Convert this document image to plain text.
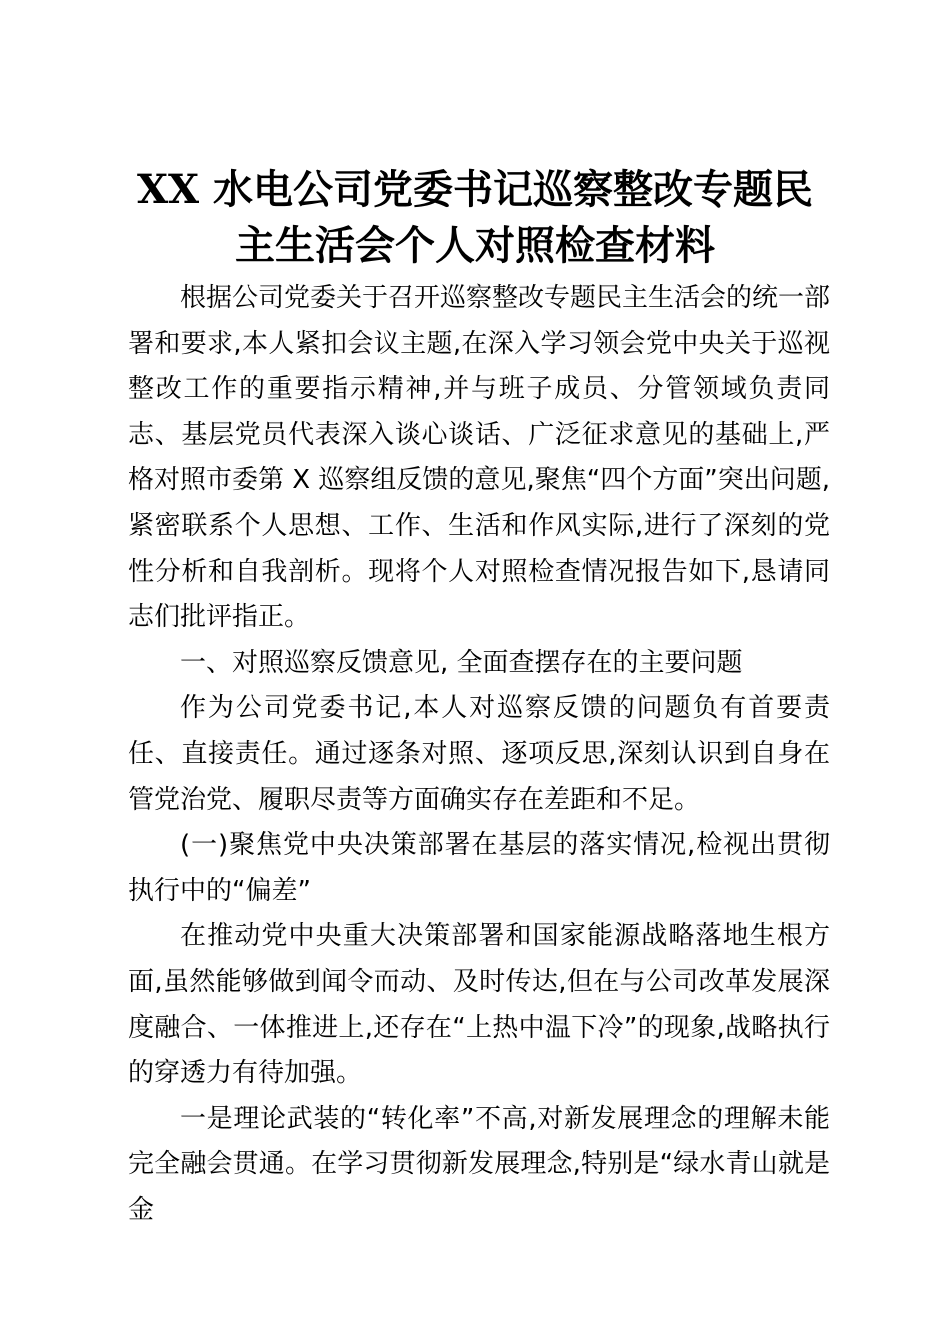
XX 水电公司党委书记巡察整改专题民
主生活会个人对照检查材料

根据公司党委关于召开巡察整改专题民主生活会的统一部署和要求,本人紧扣会议主题,在深入学习领会党中央关于巡视整改工作的重要指示精神,并与班子成员、分管领域负责同志、基层党员代表深入谈心谈话、广泛征求意见的基础上,严格对照市委第 X 巡察组反馈的意见,聚焦“四个方面”突出问题,紧密联系个人思想、工作、生活和作风实际,进行了深刻的党性分析和自我剖析。现将个人对照检查情况报告如下,恳请同志们批评指正。

一、对照巡察反馈意见, 全面查摆存在的主要问题

作为公司党委书记,本人对巡察反馈的问题负有首要责任、直接责任。通过逐条对照、逐项反思,深刻认识到自身在管党治党、履职尽责等方面确实存在差距和不足。

(一)聚焦党中央决策部署在基层的落实情况,检视出贯彻执行中的“偏差”

在推动党中央重大决策部署和国家能源战略落地生根方面,虽然能够做到闻令而动、及时传达,但在与公司改革发展深度融合、一体推进上,还存在“上热中温下冷”的现象,战略执行的穿透力有待加强。

一是理论武装的“转化率”不高,对新发展理念的理解未能完全融会贯通。在学习贯彻新发展理念,特别是“绿水青山就是金
